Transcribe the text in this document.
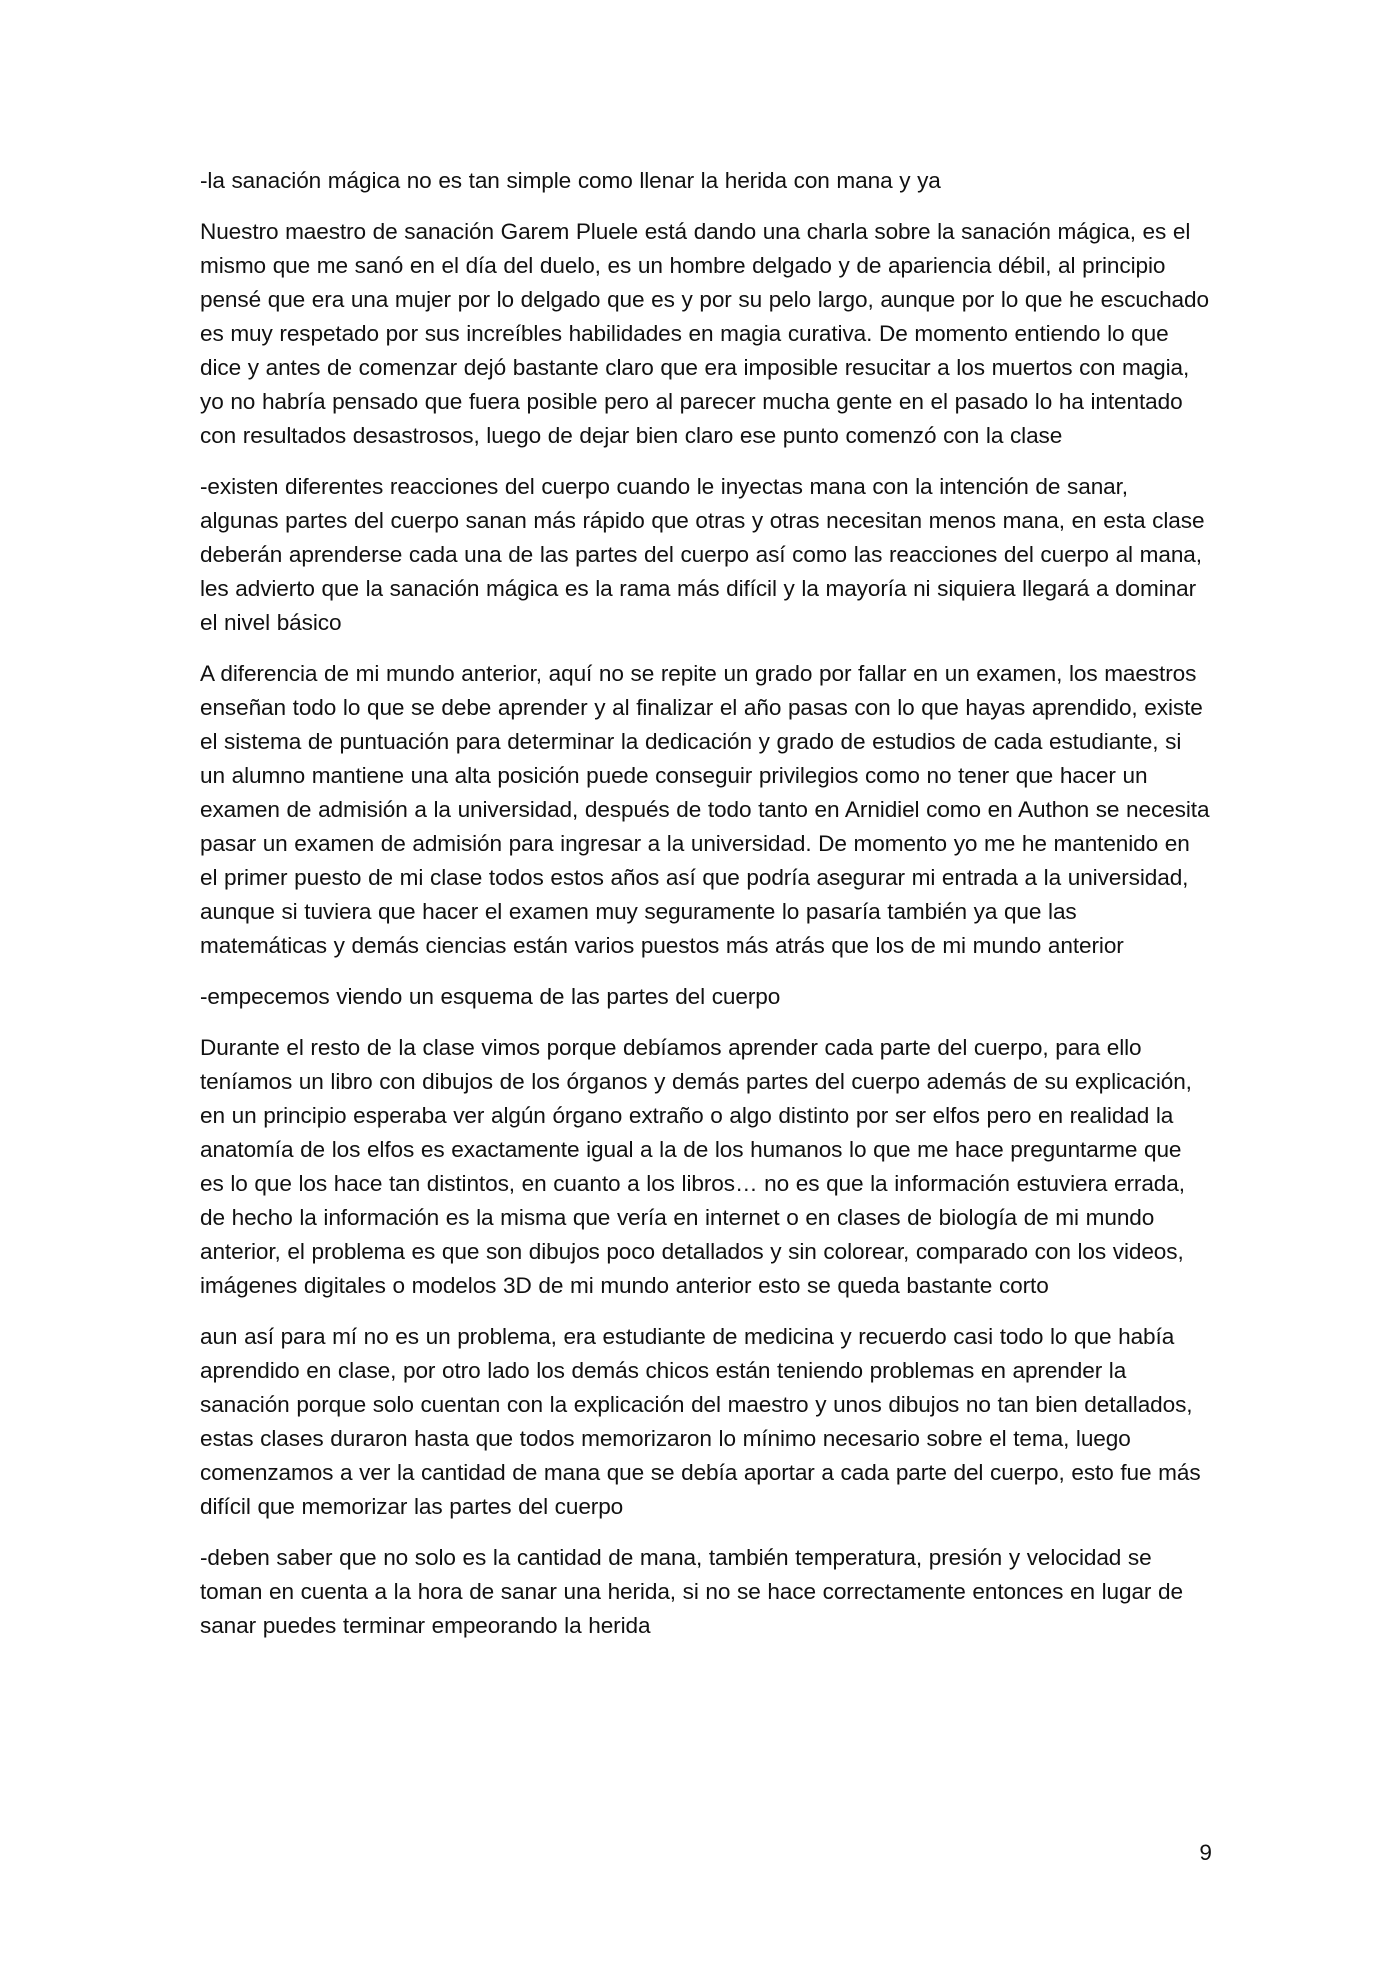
-la sanación mágica no es tan simple como llenar la herida con mana y ya

Nuestro maestro de sanación Garem Pluele está dando una charla sobre la sanación mágica, es el mismo que me sanó en el día del duelo, es un hombre delgado y de apariencia débil, al principio pensé que era una mujer por lo delgado que es y por su pelo largo, aunque por lo que he escuchado es muy respetado por sus increíbles habilidades en magia curativa. De momento entiendo lo que dice y antes de comenzar dejó bastante claro que era imposible resucitar a los muertos con magia, yo no habría pensado que fuera posible pero al parecer mucha gente en el pasado lo ha intentado con resultados desastrosos, luego de dejar bien claro ese punto comenzó con la clase

-existen diferentes reacciones del cuerpo cuando le inyectas mana con la intención de sanar, algunas partes del cuerpo sanan más rápido que otras y otras necesitan menos mana, en esta clase deberán aprenderse cada una de las partes del cuerpo así como las reacciones del cuerpo al mana, les advierto que la sanación mágica es la rama más difícil y la mayoría ni siquiera llegará a dominar el nivel básico

A diferencia de mi mundo anterior, aquí no se repite un grado por fallar en un examen, los maestros enseñan todo lo que se debe aprender y al finalizar el año pasas con lo que hayas aprendido, existe el sistema de puntuación para determinar la dedicación y grado de estudios de cada estudiante, si un alumno mantiene una alta posición puede conseguir privilegios como no tener que hacer un examen de admisión a la universidad, después de todo tanto en Arnidiel como en Authon se necesita pasar un examen de admisión para ingresar a la universidad. De momento yo me he mantenido en el primer puesto de mi clase todos estos años así que podría asegurar mi entrada a la universidad, aunque si tuviera que hacer el examen muy seguramente lo pasaría también ya que las matemáticas y demás ciencias están varios puestos más atrás que los de mi mundo anterior

-empecemos viendo un esquema de las partes del cuerpo

Durante el resto de la clase vimos porque debíamos aprender cada parte del cuerpo, para ello teníamos un libro con dibujos de los órganos y demás partes del cuerpo además de su explicación, en un principio esperaba ver algún órgano extraño o algo distinto por ser elfos pero en realidad la anatomía de los elfos es exactamente igual a la de los humanos lo que me hace preguntarme que es lo que los hace tan distintos, en cuanto a los libros… no es que la información estuviera errada, de hecho la información es la misma que vería en internet o en clases de biología de mi mundo anterior, el problema es que son dibujos poco detallados y sin colorear, comparado con los videos, imágenes digitales o modelos 3D de mi mundo anterior esto se queda bastante corto

aun así para mí no es un problema, era estudiante de medicina y recuerdo casi todo lo que había aprendido en clase, por otro lado los demás chicos están teniendo problemas en aprender la sanación porque solo cuentan con la explicación del maestro y unos dibujos no tan bien detallados, estas clases duraron hasta que todos memorizaron lo mínimo necesario sobre el tema, luego comenzamos a ver la cantidad de mana que se debía aportar a cada parte del cuerpo, esto fue más difícil que memorizar las partes del cuerpo

-deben saber que no solo es la cantidad de mana, también temperatura, presión y velocidad se toman en cuenta a la hora de sanar una herida, si no se hace correctamente entonces en lugar de sanar puedes terminar empeorando la herida

9
